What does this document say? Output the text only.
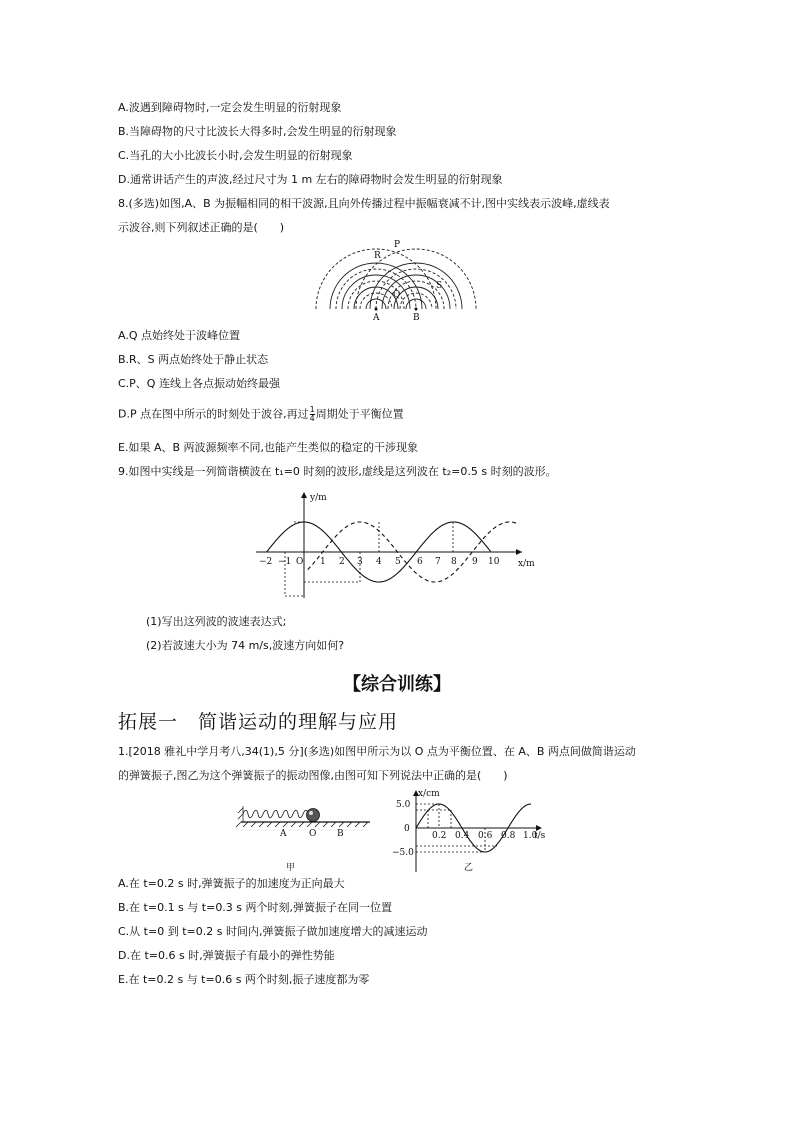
A.波遇到障碍物时,一定会发生明显的衍射现象
B.当障碍物的尺寸比波长大得多时,会发生明显的衍射现象
C.当孔的大小比波长小时,会发生明显的衍射现象
D.通常讲话产生的声波,经过尺寸为 1 m 左右的障碍物时会发生明显的衍射现象
8.(多选)如图,A、B 为振幅相同的相干波源,且向外传播过程中振幅衰减不计,图中实线表示波峰,虚线表
示波谷,则下列叙述正确的是(　　)
P
R
S
Q
A	B
A.Q 点始终处于波峰位置
B.R、S 两点始终处于静止状态
C.P、Q 连线上各点振动始终最强
D.P 点在图中所示的时刻处于波谷,再过 $\frac{1}{4}$ 周期处于平衡位置
E.如果 A、B 两波源频率不同,也能产生类似的稳定的干涉现象
9.如图中实线是一列简谐横波在 t₁=0 时刻的波形,虚线是这列波在 t₂=0.5 s 时刻的波形。
y/m
x/m
O
−2 −1	1 2 3 4 5 6 7 8 9 10
(1)写出这列波的波速表达式;
(2)若波速大小为 74 m/s,波速方向如何?
【综合训练】
拓展一　简谐运动的理解与应用
1.[2018 雅礼中学月考八,34(1),5 分](多选)如图甲所示为以 O 点为平衡位置、在 A、B 两点间做简谐运动
的弹簧振子,图乙为这个弹簧振子的振动图像,由图可知下列说法中正确的是(　　)
A	O B
甲
x/cm
t/s
5.0
0
−5.0
0.2 0.4 0.6 0.8 1.0
乙
A.在 t=0.2 s 时,弹簧振子的加速度为正向最大
B.在 t=0.1 s 与 t=0.3 s 两个时刻,弹簧振子在同一位置
C.从 t=0 到 t=0.2 s 时间内,弹簧振子做加速度增大的减速运动
D.在 t=0.6 s 时,弹簧振子有最小的弹性势能
E.在 t=0.2 s 与 t=0.6 s 两个时刻,振子速度都为零
